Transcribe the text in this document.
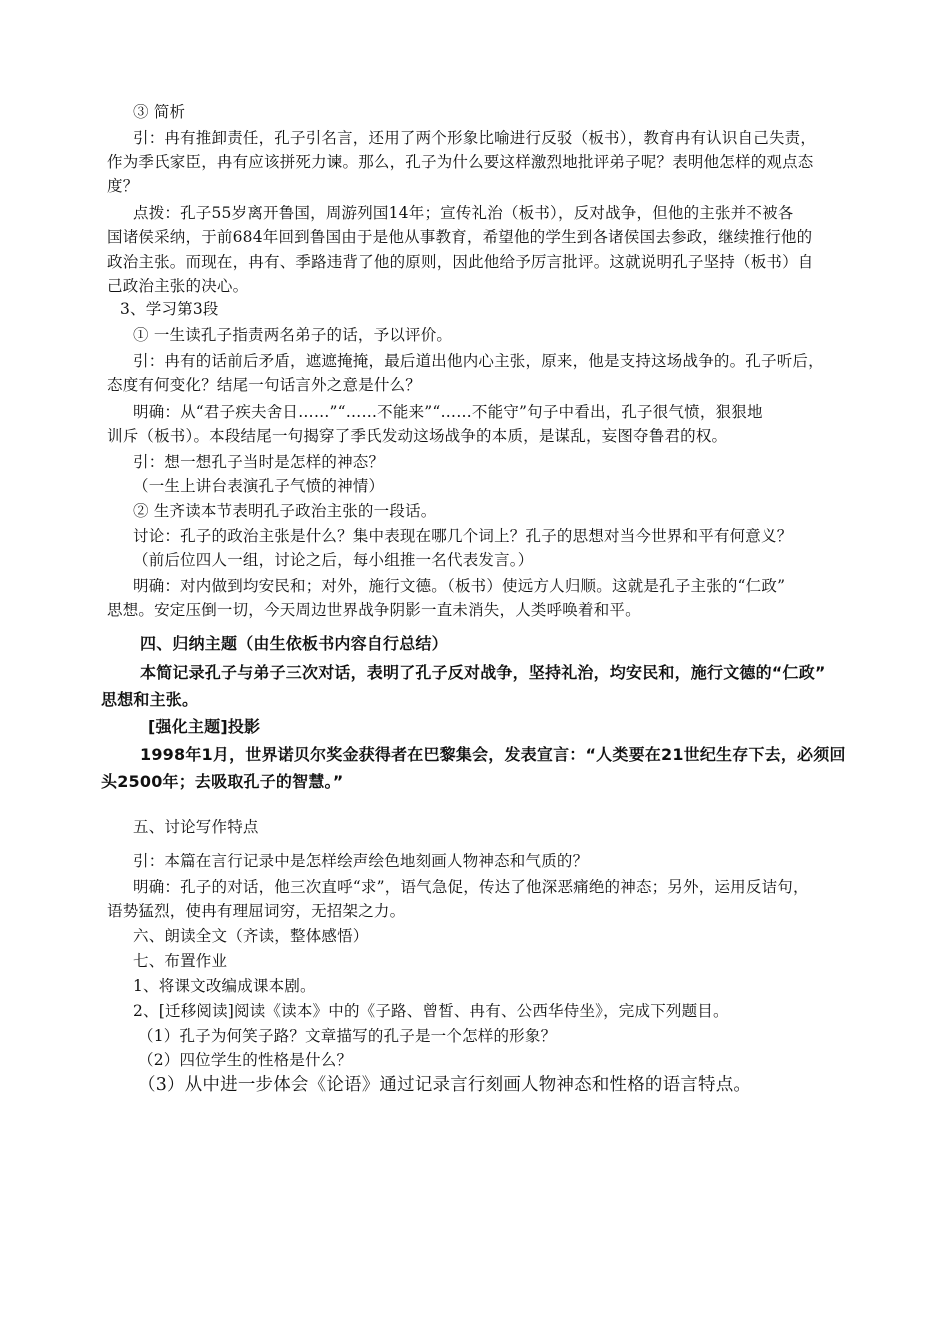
③ 简析
引：冉有推卸责任，孔子引名言，还用了两个形象比喻进行反驳（板书），教育冉有认识自己失责，
作为季氏家臣，冉有应该拼死力谏。那么，孔子为什么要这样激烈地批评弟子呢？表明他怎样的观点态
度？
点拨：孔子55岁离开鲁国，周游列国14年；宣传礼治（板书），反对战争，但他的主张并不被各
国诸侯采纳，于前684年回到鲁国由于是他从事教育，希望他的学生到各诸侯国去参政，继续推行他的
政治主张。而现在，冉有、季路违背了他的原则，因此他给予厉言批评。这就说明孔子坚持（板书）自
己政治主张的决心。
3、学习第3段
① 一生读孔子指责两名弟子的话，予以评价。
引：冉有的话前后矛盾，遮遮掩掩，最后道出他内心主张，原来，他是支持这场战争的。孔子听后，
态度有何变化？结尾一句话言外之意是什么？
明确：从“君子疾夫舍日……”“……不能来”“……不能守”句子中看出，孔子很气愤，狠狠地
训斥（板书）。本段结尾一句揭穿了季氏发动这场战争的本质，是谋乱，妄图夺鲁君的权。
引：想一想孔子当时是怎样的神态？
（一生上讲台表演孔子气愤的神情）
② 生齐读本节表明孔子政治主张的一段话。
讨论：孔子的政治主张是什么？集中表现在哪几个词上？孔子的思想对当今世界和平有何意义？
（前后位四人一组，讨论之后，每小组推一名代表发言。）
明确：对内做到均安民和；对外，施行文德。（板书）使远方人归顺。这就是孔子主张的“仁政”
思想。安定压倒一切，今天周边世界战争阴影一直未消失，人类呼唤着和平。
四、归纳主题（由生依板书内容自行总结）
本简记录孔子与弟子三次对话，表明了孔子反对战争，坚持礼治，均安民和，施行文德的“仁政”
思想和主张。
[强化主题]投影
1998年1月，世界诺贝尔奖金获得者在巴黎集会，发表宣言：“人类要在21世纪生存下去，必须回
头2500年；去吸取孔子的智慧。”
五、讨论写作特点
引：本篇在言行记录中是怎样绘声绘色地刻画人物神态和气质的？
明确：孔子的对话，他三次直呼“求”，语气急促，传达了他深恶痛绝的神态；另外，运用反诘句，
语势猛烈，使冉有理屈词穷，无招架之力。
六、朗读全文（齐读，整体感悟）
七、布置作业
1、将课文改编成课本剧。
2、[迁移阅读]阅读《读本》中的《子路、曾皙、冉有、公西华侍坐》，完成下列题目。
（1）孔子为何笑子路？文章描写的孔子是一个怎样的形象？
（2）四位学生的性格是什么？
（3）从中进一步体会《论语》通过记录言行刻画人物神态和性格的语言特点。
